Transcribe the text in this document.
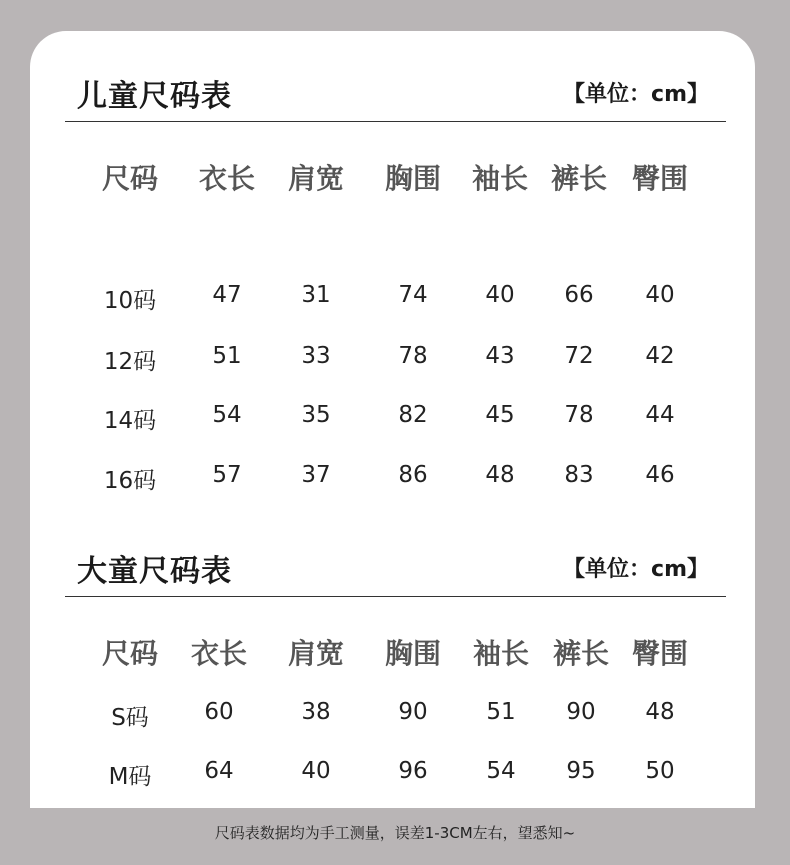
儿童尺码表	【单位：cm】
尺码	衣长	肩宽	胸围	袖长 裤长 臀围
10码	47	31	74	40	66	40
12码	51	33	78	43	72	42
14码	54	35	82	45	78	44
16码	57	37	86	48	83	46
大童尺码表	【单位：cm】
尺码	衣长	肩宽	胸围	袖长 裤长 臀围
S码	60	38	90	51	90	48
M码	64	40	96	54	95	50
尺码表数据均为手工测量，误差1-3CM左右，望悉知~
